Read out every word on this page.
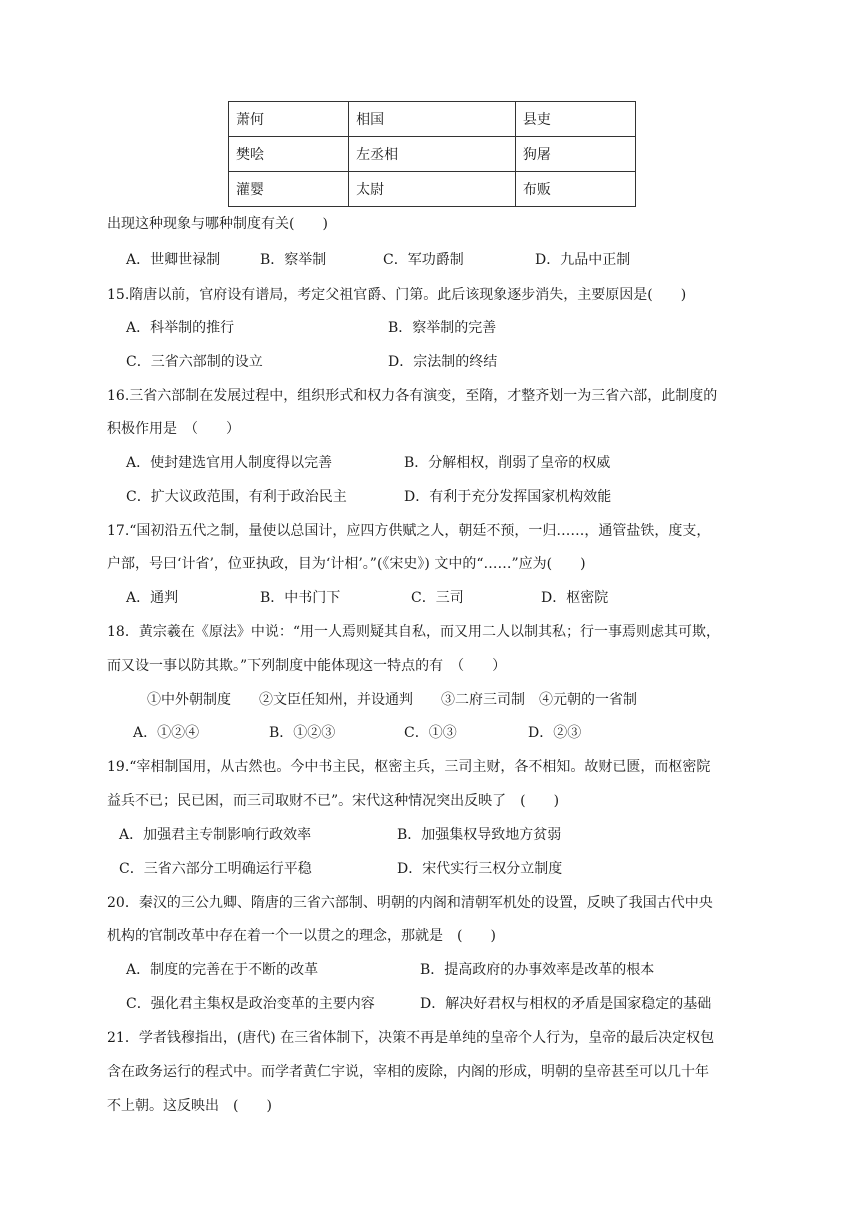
萧何	相国	县吏
樊哙	左丞相	狗屠
灌婴	太尉	布贩
出现这种现象与哪种制度有关(　　)
A．世卿世禄制	B．察举制	C．军功爵制	D．九品中正制
15.隋唐以前，官府设有谱局，考定父祖官爵、门第。此后该现象逐步消失，主要原因是(　　)
A．科举制的推行	B．察举制的完善
C．三省六部制的设立	D．宗法制的终结
16.三省六部制在发展过程中，组织形式和权力各有演变，至隋，才整齐划一为三省六部，此制度的
积极作用是　（　　）
A．使封建选官用人制度得以完善	B．分解相权，削弱了皇帝的权威
C．扩大议政范围，有利于政治民主	D．有利于充分发挥国家机构效能
17.“国初沿五代之制，量使以总国计，应四方供赋之人，朝廷不预，一归……，通管盐铁，度支，
户部，号曰‘计省’，位亚执政，目为‘计相’。”(《宋史》) 文中的“……”应为(　　)
A．通判	B．中书门下	C．三司	D．枢密院
18．黄宗羲在《原法》中说：“用一人焉则疑其自私，而又用二人以制其私；行一事焉则虑其可欺，
而又设一事以防其欺。”下列制度中能体现这一特点的有　（　　）
①中外朝制度　　②文臣任知州，并设通判　　③二府三司制　④元朝的一省制
A．①②④	B．①②③	C．①③	D．②③
19.“宰相制国用，从古然也。今中书主民，枢密主兵，三司主财，各不相知。故财已匮，而枢密院
益兵不已；民已困，而三司取财不已”。宋代这种情况突出反映了　(　　)
A．加强君主专制影响行政效率	B．加强集权导致地方贫弱
C．三省六部分工明确运行平稳	D．宋代实行三权分立制度
20．秦汉的三公九卿、隋唐的三省六部制、明朝的内阁和清朝军机处的设置，反映了我国古代中央
机构的官制改革中存在着一个一以贯之的理念，那就是　(　　)
A．制度的完善在于不断的改革	B．提高政府的办事效率是改革的根本
C．强化君主集权是政治变革的主要内容	D．解决好君权与相权的矛盾是国家稳定的基础
21．学者钱穆指出，(唐代) 在三省体制下，决策不再是单纯的皇帝个人行为，皇帝的最后决定权包
含在政务运行的程式中。而学者黄仁宇说，宰相的废除，内阁的形成，明朝的皇帝甚至可以几十年
不上朝。这反映出　(　　)
